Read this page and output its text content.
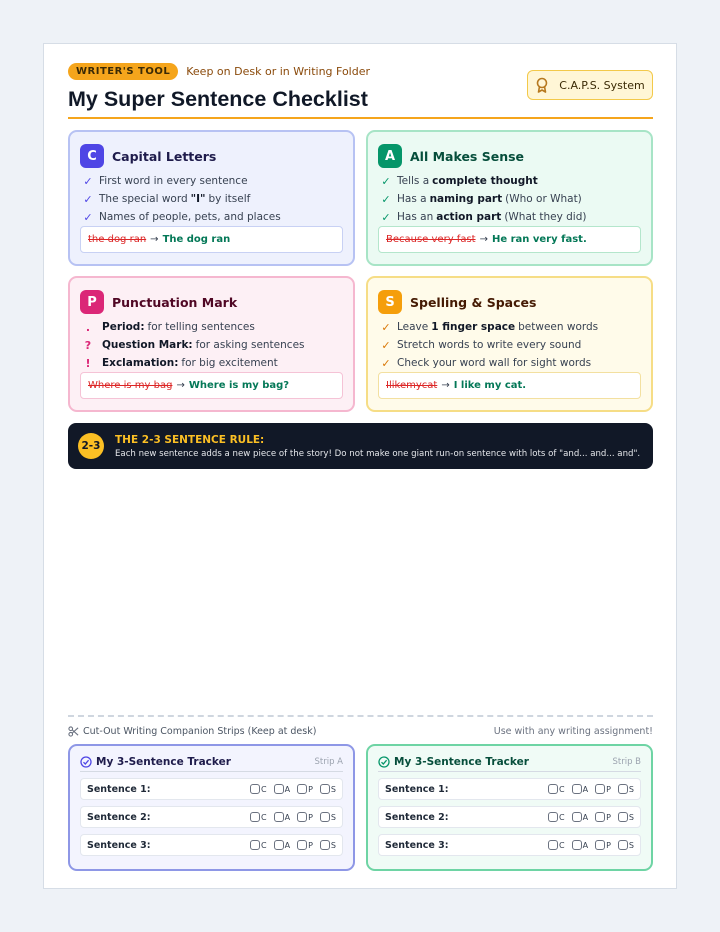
WRITER'S TOOL	Keep on Desk or in Writing Folder
My Super Sentence Checklist
C.A.P.S. System
C	Capital Letters
✓ First word in every sentence
✓ The special word "I" by itself
✓ Names of people, pets, and places
the dog ran → The dog ran
A	All Makes Sense
✓ Tells a complete thought
✓ Has a naming part (Who or What)
✓ Has an action part (What they did)
Because very fast → He ran very fast.
P	Punctuation Mark
.	Period: for telling sentences
?	Question Mark: for asking sentences
!	Exclamation: for big excitement
Where is my bag → Where is my bag?
S	Spelling & Spaces
✓ Leave 1 finger space between words
✓ Stretch words to write every sound
✓ Check your word wall for sight words
Ilikemycat → I like my cat.
2-3
THE 2-3 SENTENCE RULE:
Each new sentence adds a new piece of the story! Do not make one giant run-on sentence with lots of "and... and... and".
Cut-Out Writing Companion Strips (Keep at desk)	Use with any writing assignment!
My 3-Sentence Tracker	Strip A
Sentence 1:	C A P S
Sentence 2:	C A P S
Sentence 3:	C A P S
My 3-Sentence Tracker	Strip B
Sentence 1:	C A P S
Sentence 2:	C A P S
Sentence 3:	C A P S
